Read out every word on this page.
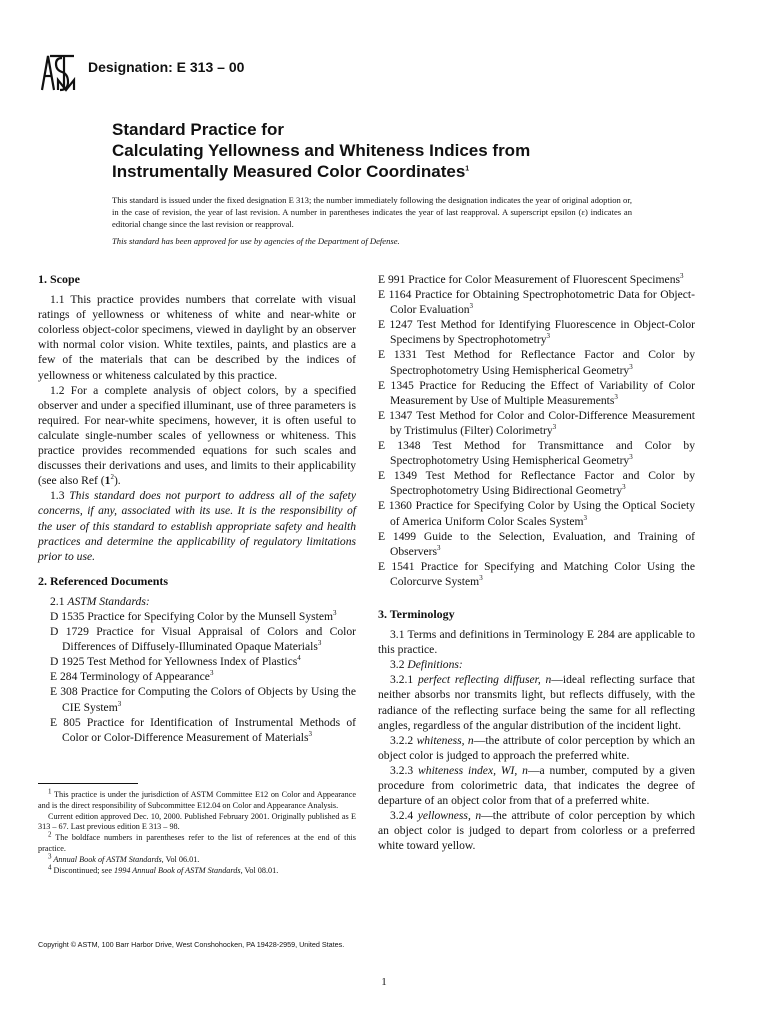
Designation: E 313 – 00
Standard Practice for
Calculating Yellowness and Whiteness Indices from
Instrumentally Measured Color Coordinates$^1$
This standard is issued under the fixed designation E 313; the number immediately following the designation indicates the year of original adoption or, in the case of revision, the year of last revision. A number in parentheses indicates the year of last reapproval. A superscript epsilon (ε) indicates an editorial change since the last revision or reapproval.
This standard has been approved for use by agencies of the Department of Defense.
1. Scope

1.1 This practice provides numbers that correlate with visual ratings of yellowness or whiteness of white and near-white or colorless object-color specimens, viewed in daylight by an observer with normal color vision. White textiles, paints, and plastics are a few of the materials that can be described by the indices of yellowness or whiteness calculated by this practice.

1.2 For a complete analysis of object colors, by a specified observer and under a specified illuminant, use of three parameters is required. For near-white specimens, however, it is often useful to calculate single-number scales of yellowness or whiteness. This practice provides recommended equations for such scales and discusses their derivations and uses, and limits to their applicability (see also Ref $(1^2)$.

1.3 This standard does not purport to address all of the safety concerns, if any, associated with its use. It is the responsibility of the user of this standard to establish appropriate safety and health practices and determine the applicability of regulatory limitations prior to use.

2. Referenced Documents

2.1 ASTM Standards:

D 1535 Practice for Specifying Color by the Munsell System$^3$

D 1729 Practice for Visual Appraisal of Colors and Color Differences of Diffusely-Illuminated Opaque Materials$^3$

D 1925 Test Method for Yellowness Index of Plastics$^4$

E 284 Terminology of Appearance$^3$

E 308 Practice for Computing the Colors of Objects by Using the CIE System$^3$

E 805 Practice for Identification of Instrumental Methods of Color or Color-Difference Measurement of Materials$^3$

E 991 Practice for Color Measurement of Fluorescent Specimens$^3$

E 1164 Practice for Obtaining Spectrophotometric Data for Object-Color Evaluation$^3$

E 1247 Test Method for Identifying Fluorescence in Object-Color Specimens by Spectrophotometry$^3$

E 1331 Test Method for Reflectance Factor and Color by Spectrophotometry Using Hemispherical Geometry$^3$

E 1345 Practice for Reducing the Effect of Variability of Color Measurement by Use of Multiple Measurements$^3$

E 1347 Test Method for Color and Color-Difference Measurement by Tristimulus (Filter) Colorimetry$^3$

E 1348 Test Method for Transmittance and Color by Spectrophotometry Using Hemispherical Geometry$^3$

E 1349 Test Method for Reflectance Factor and Color by Spectrophotometry Using Bidirectional Geometry$^3$

E 1360 Practice for Specifying Color by Using the Optical Society of America Uniform Color Scales System$^3$

E 1499 Guide to the Selection, Evaluation, and Training of Observers$^3$

E 1541 Practice for Specifying and Matching Color Using the Colorcurve System$^3$

3. Terminology

3.1 Terms and definitions in Terminology E 284 are applicable to this practice.

3.2 Definitions:

3.2.1 perfect reflecting diffuser, n—ideal reflecting surface that neither absorbs nor transmits light, but reflects diffusely, with the radiance of the reflecting surface being the same for all reflecting angles, regardless of the angular distribution of the incident light.

3.2.2 whiteness, n—the attribute of color perception by which an object color is judged to approach the preferred white.

3.2.3 whiteness index, WI, n—a number, computed by a given procedure from colorimetric data, that indicates the degree of departure of an object color from that of a preferred white.

3.2.4 yellowness, n—the attribute of color perception by which an object color is judged to depart from colorless or a preferred white toward yellow.

$^1$ This practice is under the jurisdiction of ASTM Committee E12 on Color and Appearance and is the direct responsibility of Subcommittee E12.04 on Color and Appearance Analysis.

Current edition approved Dec. 10, 2000. Published February 2001. Originally published as E 313 – 67. Last previous edition E 313 – 98.

$^2$ The boldface numbers in parentheses refer to the list of references at the end of this practice.

$^3$ Annual Book of ASTM Standards, Vol 06.01.

$^4$ Discontinued; see 1994 Annual Book of ASTM Standards, Vol 08.01.

Copyright © ASTM, 100 Barr Harbor Drive, West Conshohocken, PA 19428-2959, United States.
1
